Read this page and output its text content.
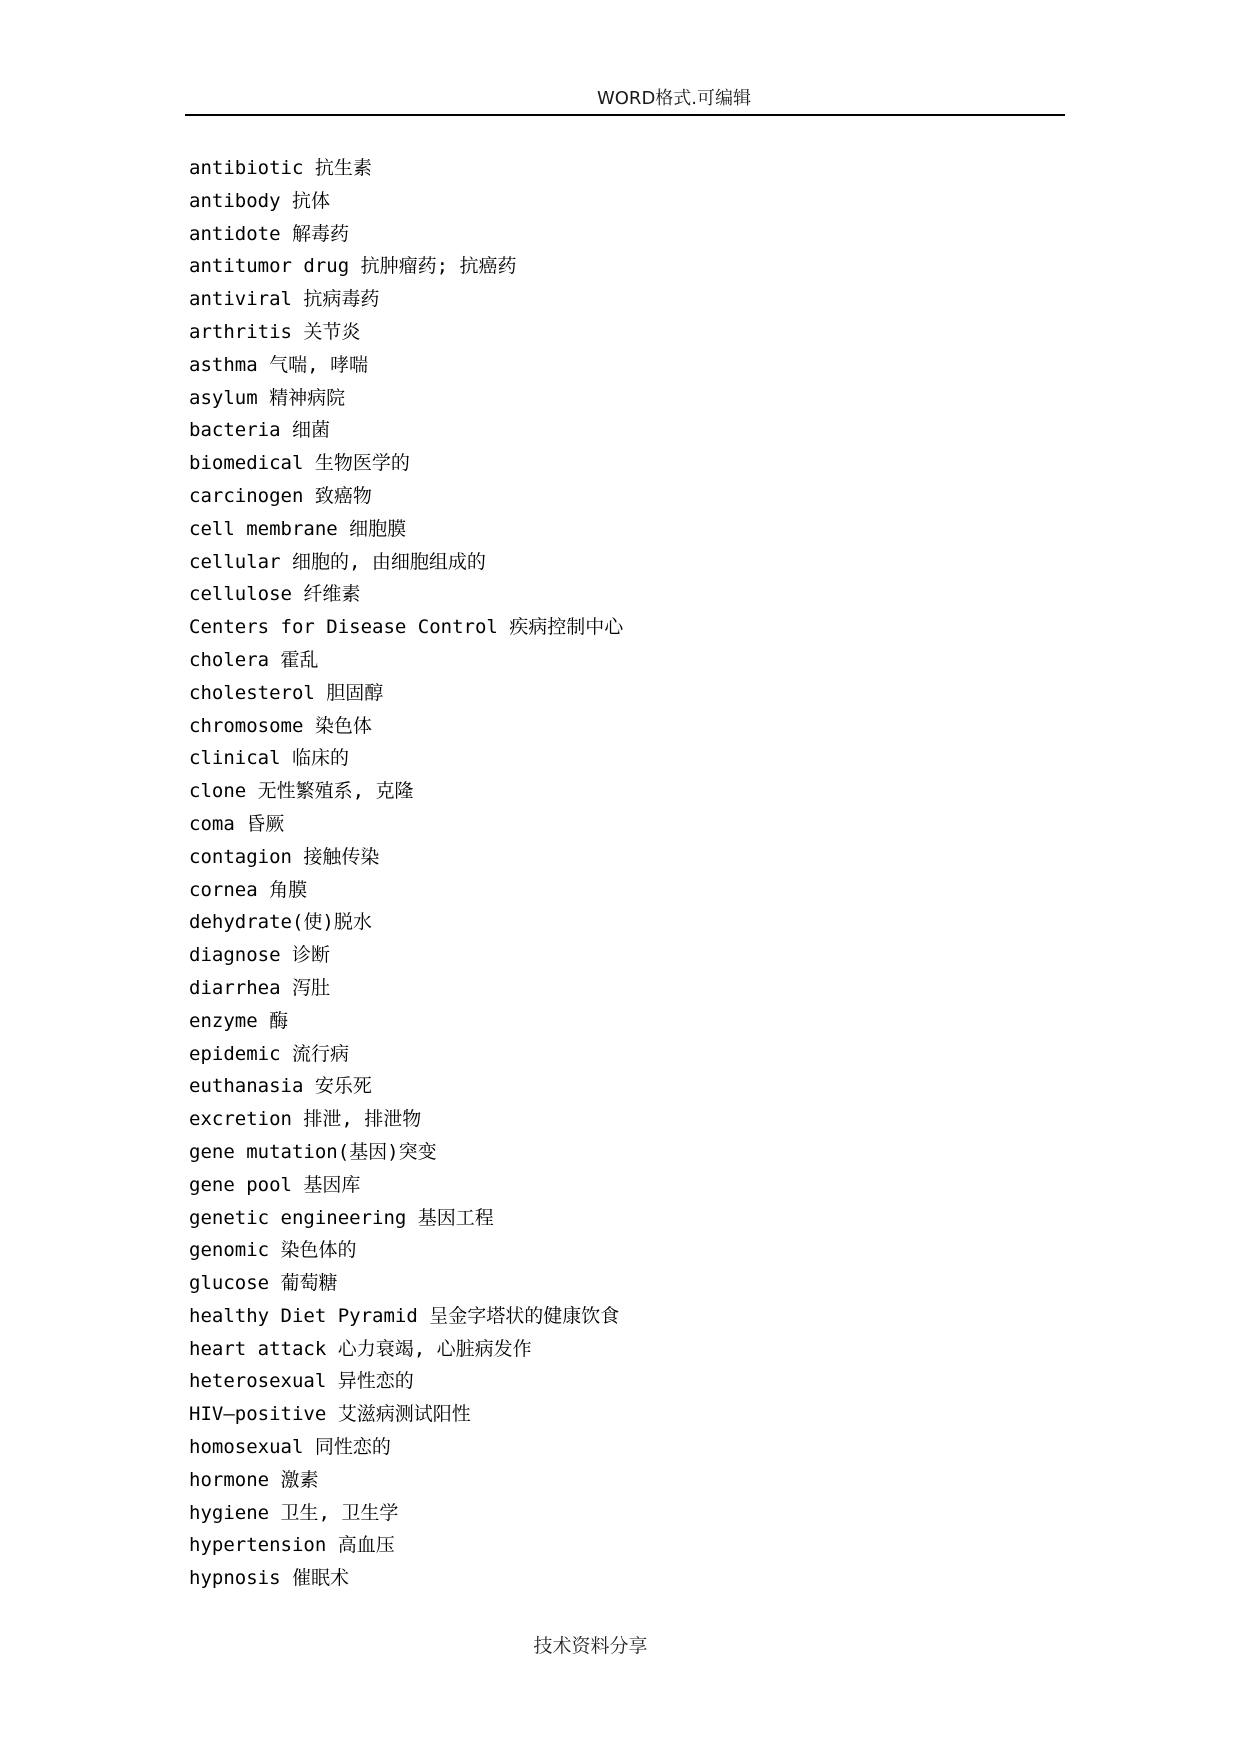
WORD格式.可编辑
antibiotic 抗生素
antibody 抗体
antidote 解毒药
antitumor drug 抗肿瘤药; 抗癌药
antiviral 抗病毒药
arthritis 关节炎
asthma 气喘, 哮喘
asylum 精神病院
bacteria 细菌
biomedical 生物医学的
carcinogen 致癌物
cell membrane 细胞膜
cellular 细胞的, 由细胞组成的
cellulose 纤维素
Centers for Disease Control 疾病控制中心
cholera 霍乱
cholesterol 胆固醇
chromosome 染色体
clinical 临床的
clone 无性繁殖系, 克隆
coma 昏厥
contagion 接触传染
cornea 角膜
dehydrate(使)脱水
diagnose 诊断
diarrhea 泻肚
enzyme 酶
epidemic 流行病
euthanasia 安乐死
excretion 排泄, 排泄物
gene mutation(基因)突变
gene pool 基因库
genetic engineering 基因工程
genomic 染色体的
glucose 葡萄糖
healthy Diet Pyramid 呈金字塔状的健康饮食
heart attack 心力衰竭, 心脏病发作
heterosexual 异性恋的
HIV—positive 艾滋病测试阳性
homosexual 同性恋的
hormone 激素
hygiene 卫生, 卫生学
hypertension 高血压
hypnosis 催眠术
技术资料分享
